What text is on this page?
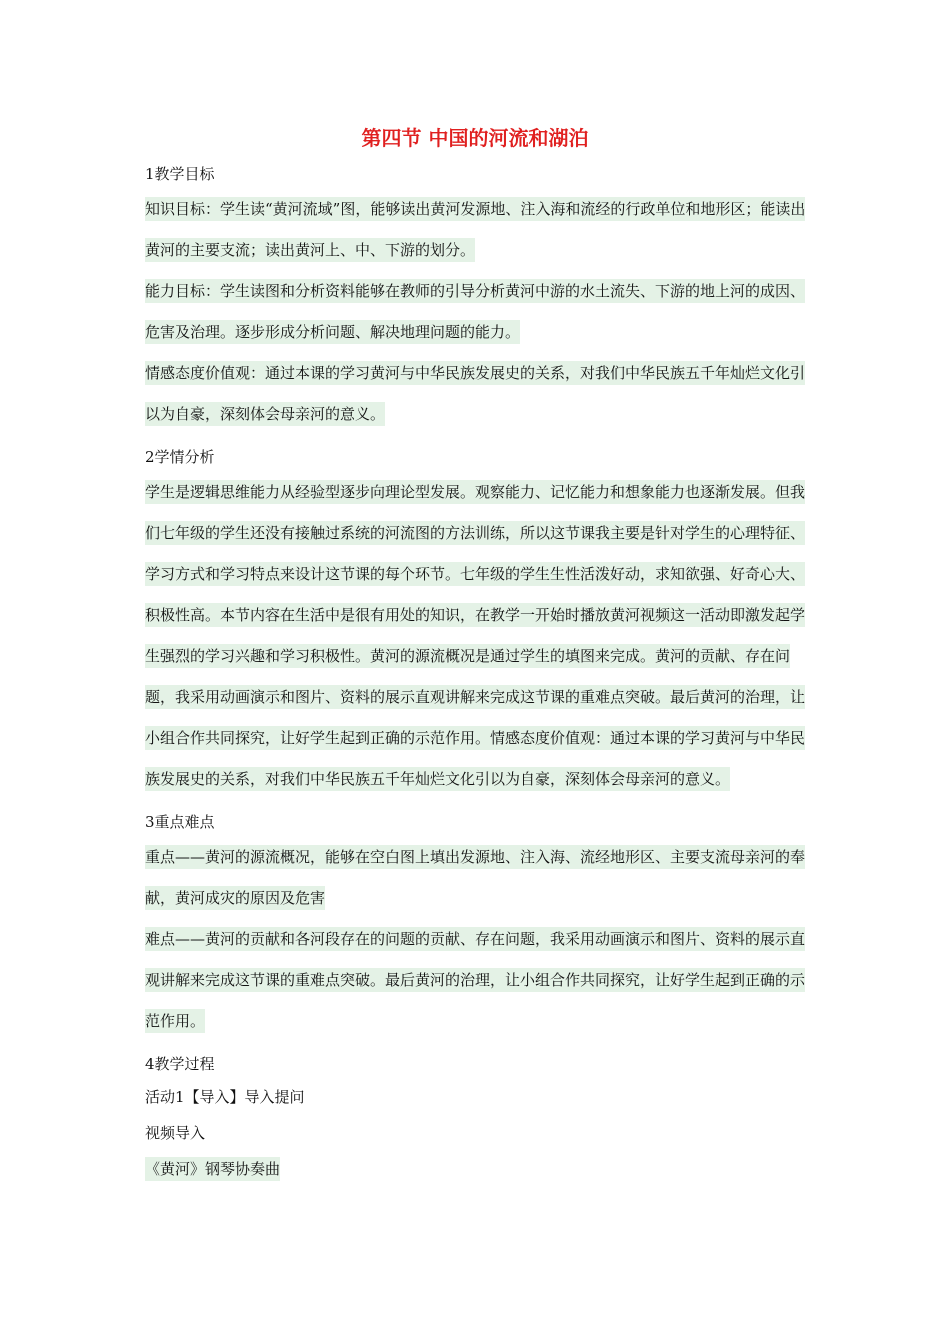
第四节 中国的河流和湖泊
1教学目标
知识目标：学生读“黄河流域”图，能够读出黄河发源地、注入海和流经的行政单位和地形区；能读出黄河的主要支流；读出黄河上、中、下游的划分。
能力目标：学生读图和分析资料能够在教师的引导分析黄河中游的水土流失、下游的地上河的成因、危害及治理。逐步形成分析问题、解决地理问题的能力。
情感态度价值观：通过本课的学习黄河与中华民族发展史的关系，对我们中华民族五千年灿烂文化引以为自豪，深刻体会母亲河的意义。
2学情分析
学生是逻辑思维能力从经验型逐步向理论型发展。观察能力、记忆能力和想象能力也逐渐发展。但我们七年级的学生还没有接触过系统的河流图的方法训练，所以这节课我主要是针对学生的心理特征、学习方式和学习特点来设计这节课的每个环节。七年级的学生生性活泼好动，求知欲强、好奇心大、积极性高。本节内容在生活中是很有用处的知识，在教学一开始时播放黄河视频这一活动即激发起学生强烈的学习兴趣和学习积极性。黄河的源流概况是通过学生的填图来完成。黄河的贡献、存在问题，我采用动画演示和图片、资料的展示直观讲解来完成这节课的重难点突破。最后黄河的治理，让小组合作共同探究，让好学生起到正确的示范作用。情感态度价值观：通过本课的学习黄河与中华民族发展史的关系，对我们中华民族五千年灿烂文化引以为自豪，深刻体会母亲河的意义。
3重点难点
重点——黄河的源流概况，能够在空白图上填出发源地、注入海、流经地形区、主要支流母亲河的奉献，黄河成灾的原因及危害
难点——黄河的贡献和各河段存在的问题的贡献、存在问题，我采用动画演示和图片、资料的展示直观讲解来完成这节课的重难点突破。最后黄河的治理，让小组合作共同探究，让好学生起到正确的示范作用。
4教学过程
活动1【导入】导入提问
视频导入
《黄河》钢琴协奏曲
